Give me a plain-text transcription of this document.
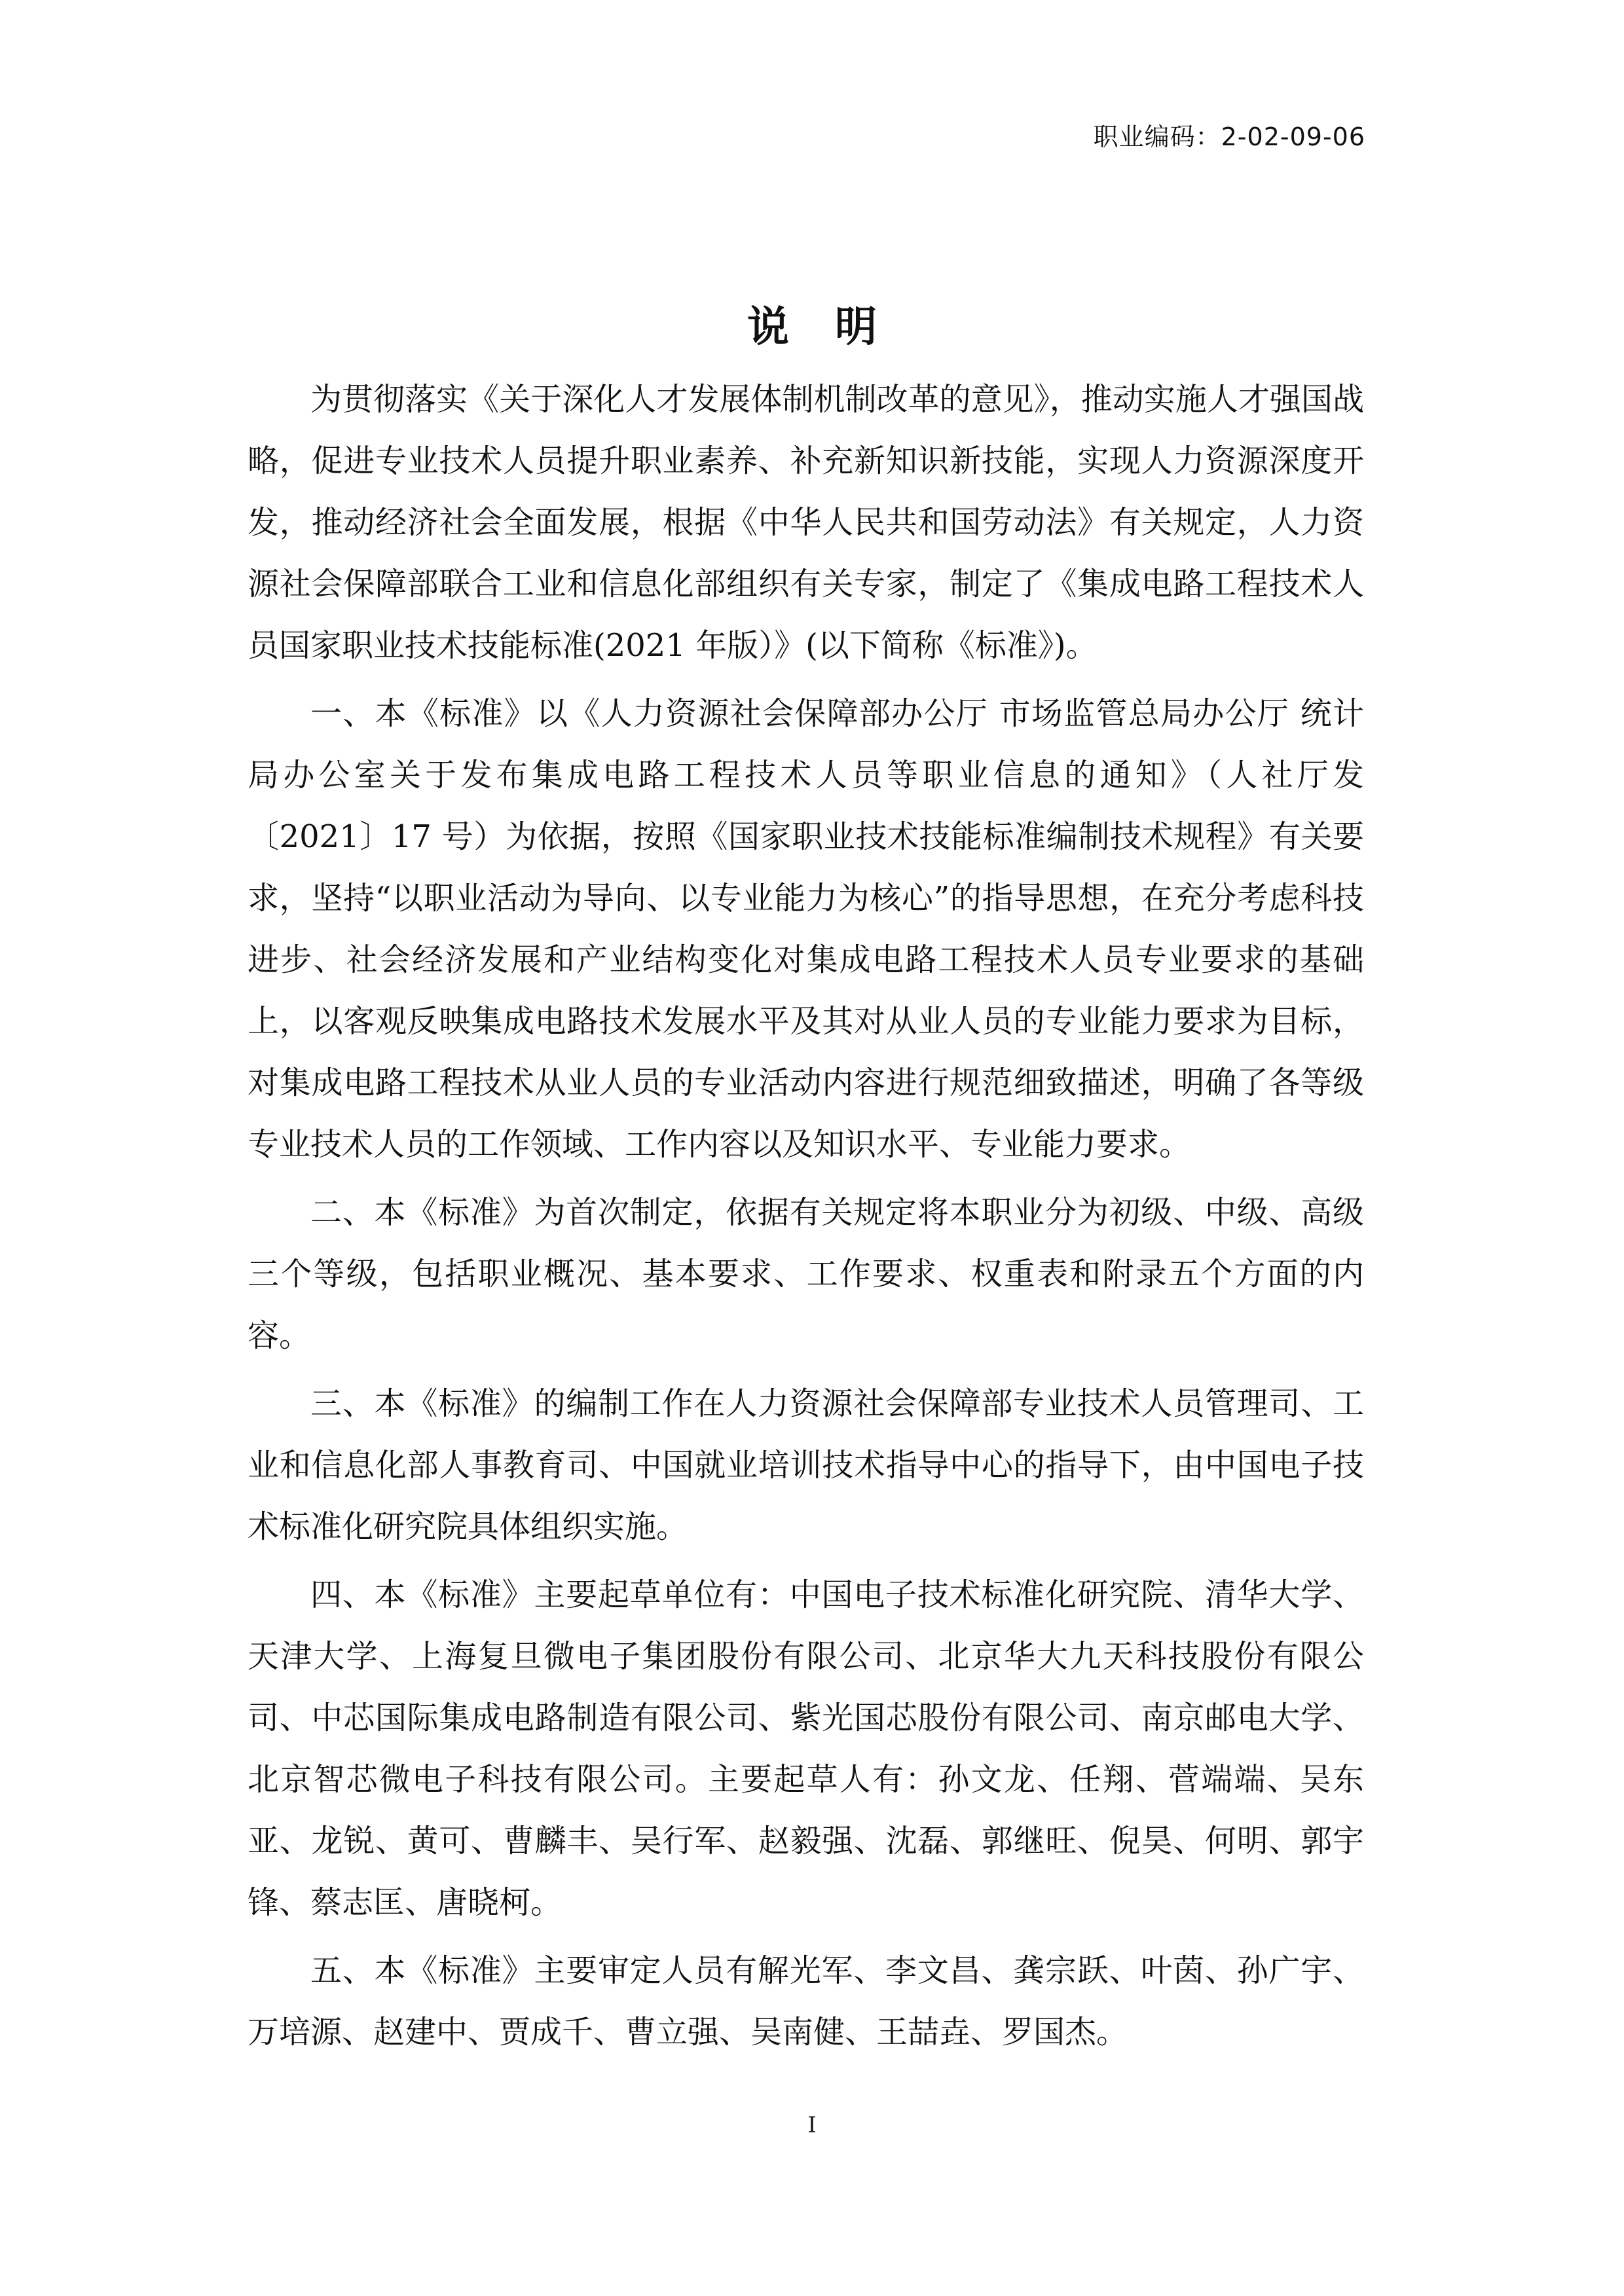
职业编码：2-02-09-06
说明

为贯彻落实《关于深化人才发展体制机制改革的意见》，推动实施人才强国战略，促进专业技术人员提升职业素养、补充新知识新技能，实现人力资源深度开发，推动经济社会全面发展，根据《中华人民共和国劳动法》有关规定，人力资源社会保障部联合工业和信息化部组织有关专家，制定了《集成电路工程技术人员国家职业技术技能标准(2021 年版）》(以下简称《标准》)。

一、本《标准》以《人力资源社会保障部办公厅 市场监管总局办公厅 统计局办公室关于发布集成电路工程技术人员等职业信息的通知》（人社厅发〔2021〕17 号）为依据，按照《国家职业技术技能标准编制技术规程》有关要求，坚持“以职业活动为导向、以专业能力为核心”的指导思想，在充分考虑科技进步、社会经济发展和产业结构变化对集成电路工程技术人员专业要求的基础上，以客观反映集成电路技术发展水平及其对从业人员的专业能力要求为目标，对集成电路工程技术从业人员的专业活动内容进行规范细致描述，明确了各等级专业技术人员的工作领域、工作内容以及知识水平、专业能力要求。

二、本《标准》为首次制定，依据有关规定将本职业分为初级、中级、高级三个等级，包括职业概况、基本要求、工作要求、权重表和附录五个方面的内容。

三、本《标准》的编制工作在人力资源社会保障部专业技术人员管理司、工业和信息化部人事教育司、中国就业培训技术指导中心的指导下，由中国电子技术标准化研究院具体组织实施。

四、本《标准》主要起草单位有：中国电子技术标准化研究院、清华大学、天津大学、上海复旦微电子集团股份有限公司、北京华大九天科技股份有限公司、中芯国际集成电路制造有限公司、紫光国芯股份有限公司、南京邮电大学、北京智芯微电子科技有限公司。主要起草人有：孙文龙、任翔、菅端端、吴东亚、龙锐、黄可、曹麟丰、吴行军、赵毅强、沈磊、郭继旺、倪昊、何明、郭宇锋、蔡志匡、唐晓柯。

五、本《标准》主要审定人员有解光军、李文昌、龚宗跃、叶茵、孙广宇、万培源、赵建中、贾成千、曹立强、吴南健、王喆垚、罗国杰。

I
